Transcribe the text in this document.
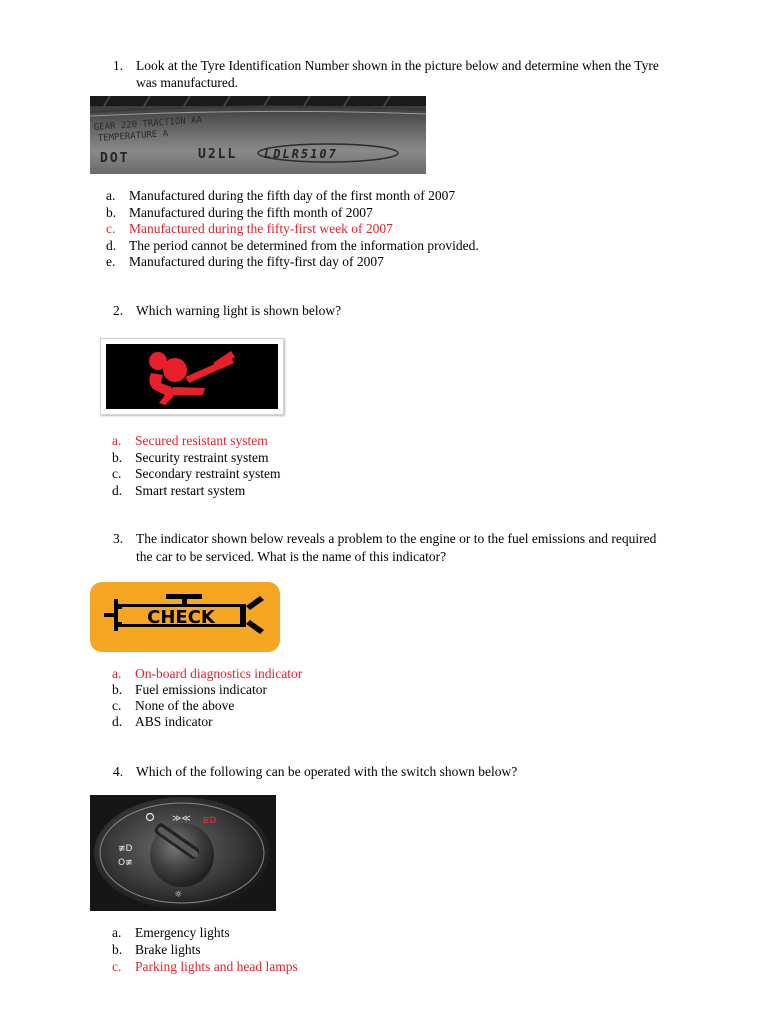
1. Look at the Tyre Identification Number shown in the picture below and determine when the Tyre
was manufactured.
GEAR 220 TRACTION AA
TEMPERATURE A
DOT	U2LL LDLR5107
a. Manufactured during the fifth day of the first month of 2007
b. Manufactured during the fifth month of 2007
c. Manufactured during the fifty-first week of 2007
d. The period cannot be determined from the information provided.
e. Manufactured during the fifty-first day of 2007
2. Which warning light is shown below?
a. Secured resistant system
b. Security restraint system
c. Secondary restraint system
d. Smart restart system
3. The indicator shown below reveals a problem to the engine or to the fuel emissions and required
the car to be serviced. What is the name of this indicator?
CHECK
a. On-board diagnostics indicator
b. Fuel emissions indicator
c. None of the above
d. ABS indicator
4. Which of the following can be operated with the switch shown below?
≫≪ ≣D
≢D
O≢
☼
a. Emergency lights
b. Brake lights
c. Parking lights and head lamps
